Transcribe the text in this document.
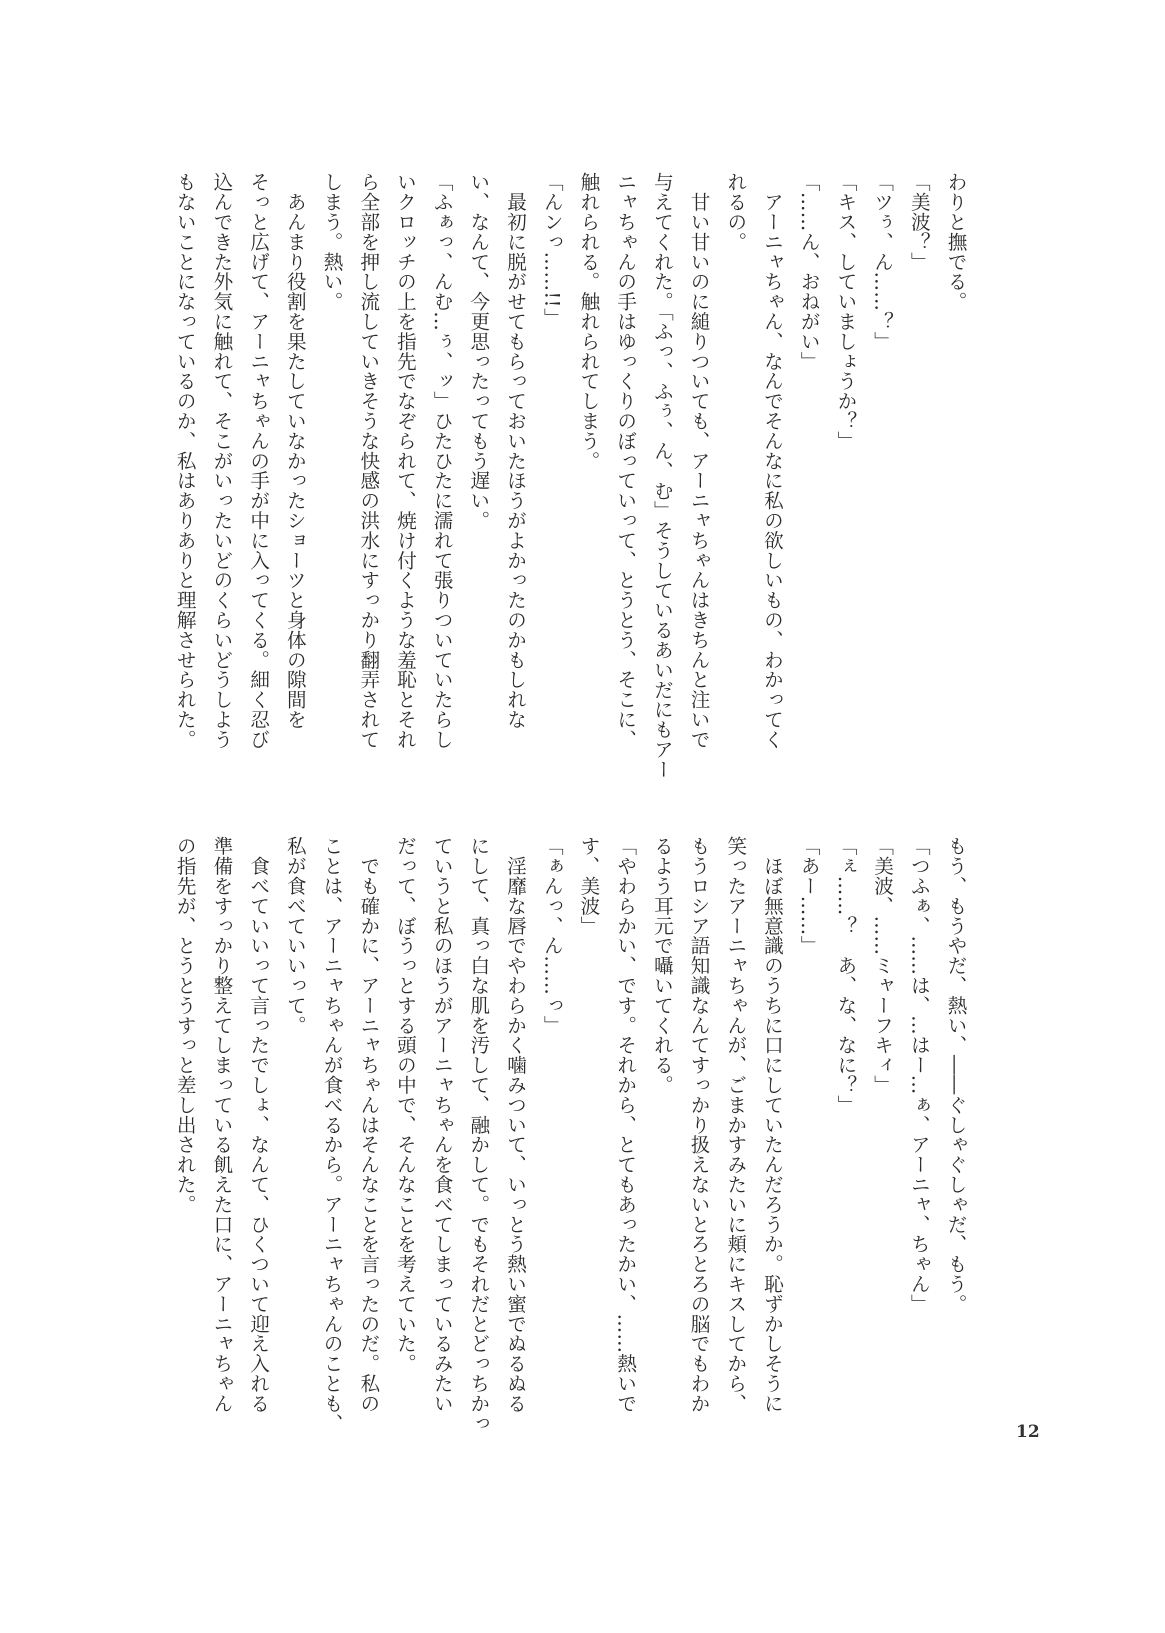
わりと撫でる。
「美波？」
「ツぅ、ん……？」
「キス、していましょうか？」
「……ん、おねがい」
　アーニャちゃん、なんでそんなに私の欲しいもの、わかってく
れるの。
　甘い甘いのに縋りついても、アーニャちゃんはきちんと注いで
与えてくれた。「ふっ、ふぅ、ん、む」そうしているあいだにもアー
ニャちゃんの手はゆっくりのぼっていって、とうとう、そこに、
触れられる。触れられてしまう。
「んンっ……!!」
　最初に脱がせてもらっておいたほうがよかったのかもしれな
い、なんて、今更思ったってもう遅い。
「ふぁっ、んむ…ぅ、ッ」ひたひたに濡れて張りついていたらし
いクロッチの上を指先でなぞられて、焼け付くような羞恥とそれ
ら全部を押し流していきそうな快感の洪水にすっかり翻弄されて
しまう。熱い。
　あんまり役割を果たしていなかったショーツと身体の隙間を
そっと広げて、アーニャちゃんの手が中に入ってくる。細く忍び
込んできた外気に触れて、そこがいったいどのくらいどうしよう
もないことになっているのか、私はありありと理解させられた。
もう、もうやだ、熱い、――ぐしゃぐしゃだ、もう。
「つふぁ、……は、…はー…ぁ、アーニャ、ちゃん」
「美波、……ミャーフキィ」
「ぇ……？　あ、な、なに？」
「あー……」
　ほぼ無意識のうちに口にしていたんだろうか。恥ずかしそうに
笑ったアーニャちゃんが、ごまかすみたいに頬にキスしてから、
もうロシア語知識なんてすっかり扱えないとろとろの脳でもわか
るよう耳元で囁いてくれる。
「やわらかい、です。それから、とてもあったかい、……熱いで
す、美波」
「ぁんっ、ん……っ」
　淫靡な唇でやわらかく噛みついて、いっとう熱い蜜でぬるぬる
にして、真っ白な肌を汚して、融かして。でもそれだとどっちかっ
ていうと私のほうがアーニャちゃんを食べてしまっているみたい
だって、ぼうっとする頭の中で、そんなことを考えていた。
　でも確かに、アーニャちゃんはそんなことを言ったのだ。私の
ことは、アーニャちゃんが食べるから。アーニャちゃんのことも、
私が食べていいって。
　食べていいって言ったでしょ、なんて、ひくついて迎え入れる
準備をすっかり整えてしまっている飢えた口に、アーニャちゃん
の指先が、とうとうすっと差し出された。
12
